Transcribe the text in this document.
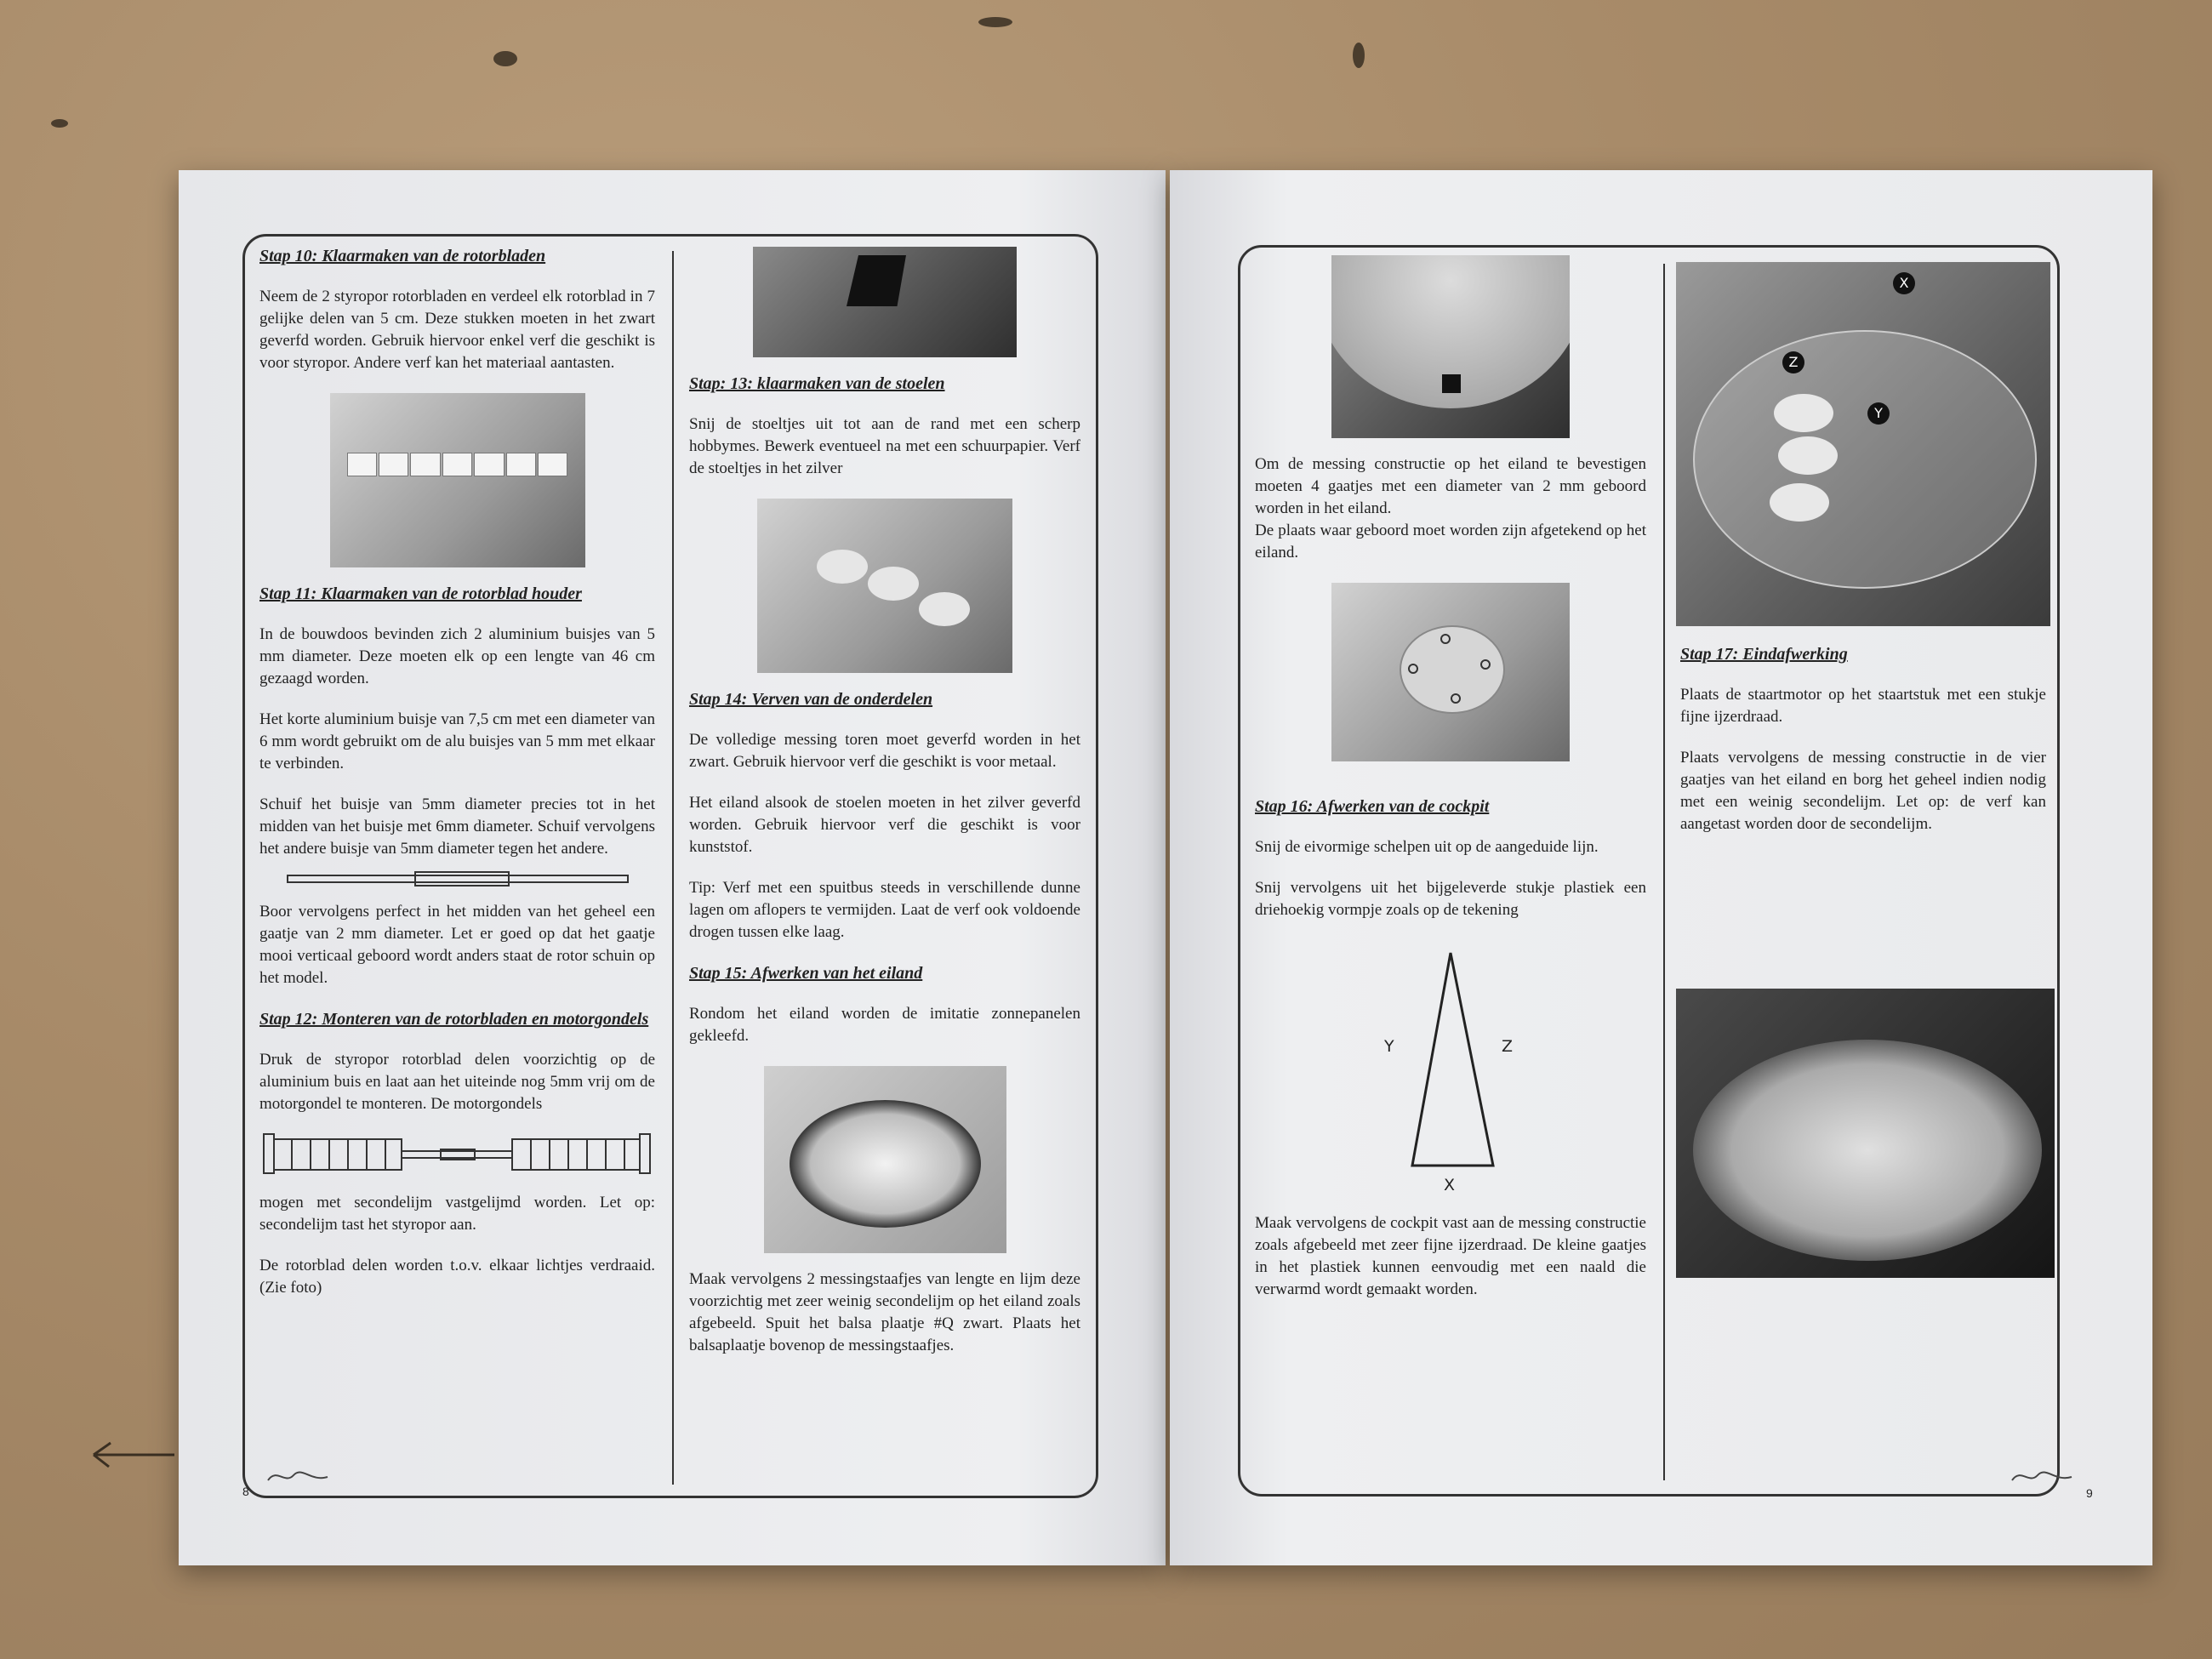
Stap 10: Klaarmaken van de rotorbladen

Neem de 2 styropor rotorbladen en verdeel elk rotorblad in 7 gelijke delen van 5 cm. Deze stukken moeten in het zwart geverfd worden. Gebruik hiervoor enkel verf die geschikt is voor styropor. Andere verf kan het materiaal aantasten.

Stap 11: Klaarmaken van de rotorblad houder

In de bouwdoos bevinden zich 2 aluminium buisjes van 5 mm diameter. Deze moeten elk op een lengte van 46 cm gezaagd worden.

Het korte aluminium buisje van 7,5 cm met een diameter van 6 mm wordt gebruikt om de alu buisjes van 5 mm met elkaar te verbinden.

Schuif het buisje van 5mm diameter precies tot in het midden van het buisje met 6mm diameter. Schuif vervolgens het andere buisje van 5mm diameter tegen het andere.

Boor vervolgens perfect in het midden van het geheel een gaatje van 2 mm diameter. Let er goed op dat het gaatje mooi verticaal geboord wordt anders staat de rotor schuin op het model.

Stap 12: Monteren van de rotorbladen en motorgondels

Druk de styropor rotorblad delen voorzichtig op de aluminium buis en laat aan het uiteinde nog 5mm vrij om de motorgondel te monteren. De motorgondels

mogen met secondelijm vastgelijmd worden. Let op: secondelijm tast het styropor aan.

De rotorblad delen worden t.o.v. elkaar lichtjes verdraaid. (Zie foto)

Stap: 13: klaarmaken van de stoelen

Snij de stoeltjes uit tot aan de rand met een scherp hobbymes. Bewerk eventueel na met een schuurpapier. Verf de stoeltjes in het zilver

Stap 14: Verven van de onderdelen

De volledige messing toren moet geverfd worden in het zwart. Gebruik hiervoor verf die geschikt is voor metaal.

Het eiland alsook de stoelen moeten in het zilver geverfd worden. Gebruik hiervoor verf die geschikt is voor kunststof.

Tip: Verf met een spuitbus steeds in verschillende dunne lagen om aflopers te vermijden. Laat de verf ook voldoende drogen tussen elke laag.

Stap 15: Afwerken van het eiland

Rondom het eiland worden de imitatie zonnepanelen gekleefd.

Maak vervolgens 2 messingstaafjes van lengte en lijm deze voorzichtig met zeer weinig secondelijm op het eiland zoals afgebeeld. Spuit het balsa plaatje #Q zwart. Plaats het balsaplaatje bovenop de messingstaafjes.

8

Om de messing constructie op het eiland te bevestigen moeten 4 gaatjes met een diameter van 2 mm geboord worden in het eiland.

De plaats waar geboord moet worden zijn afgetekend op het eiland.

Stap 16: Afwerken van de cockpit

Snij de eivormige schelpen uit op de aangeduide lijn.

Snij vervolgens uit het bijgeleverde stukje plastiek een driehoekig vormpje zoals op de tekening

Y	Z
X

Maak vervolgens de cockpit vast aan de messing constructie zoals afgebeeld met zeer fijne ijzerdraad. De kleine gaatjes in het plastiek kunnen eenvoudig met een naald die verwarmd wordt gemaakt worden.

X
Z
Y
Stap 17: Eindafwerking

Plaats de staartmotor op het staartstuk met een stukje fijne ijzerdraad.

Plaats vervolgens de messing constructie in de vier gaatjes van het eiland en borg het geheel indien nodig met een weinig secondelijm. Let op: de verf kan aangetast worden door de secondelijm.

9
